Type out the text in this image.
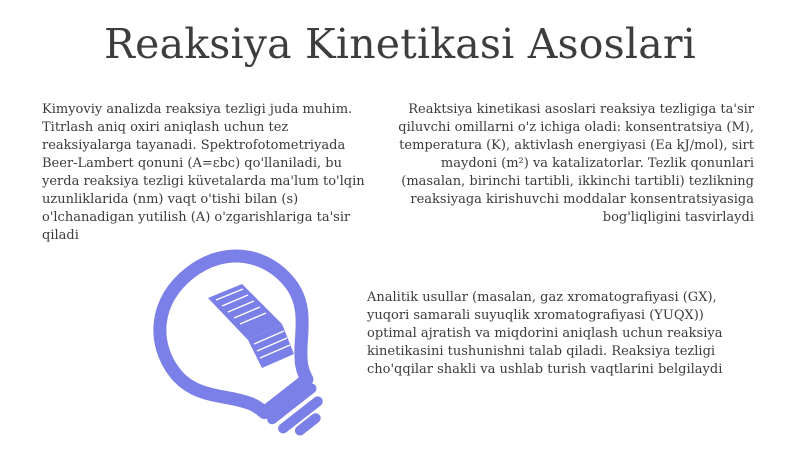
Reaksiya Kinetikasi Asoslari

Kimyoviy analizda reaksiya tezligi juda muhim. Titrlash aniq oxiri aniqlash uchun tez reaksiyalarga tayanadi. Spektrofotometriyada Beer-Lambert qonuni (A=εbc) qo'llaniladi, bu yerda reaksiya tezligi küvetalarda ma'lum to'lqin uzunliklarida (nm) vaqt o'tishi bilan (s) o'lchanadigan yutilish (A) o'zgarishlariga ta'sir qiladi

Reaktsiya kinetikasi asoslari reaksiya tezligiga ta'sir qiluvchi omillarni o'z ichiga oladi: konsentratsiya (M), temperatura (K), aktivlash energiyasi (Ea kJ/mol), sirt maydoni (m²) va katalizatorlar. Tezlik qonunlari (masalan, birinchi tartibli, ikkinchi tartibli) tezlikning reaksiyaga kirishuvchi moddalar konsentratsiyasiga bog'liqligini tasvirlaydi

Analitik usullar (masalan, gaz xromatografiyasi (GX), yuqori samarali suyuqlik xromatografiyasi (YUQX)) optimal ajratish va miqdorini aniqlash uchun reaksiya kinetikasini tushunishni talab qiladi. Reaksiya tezligi cho'qqilar shakli va ushlab turish vaqtlarini belgilaydi
